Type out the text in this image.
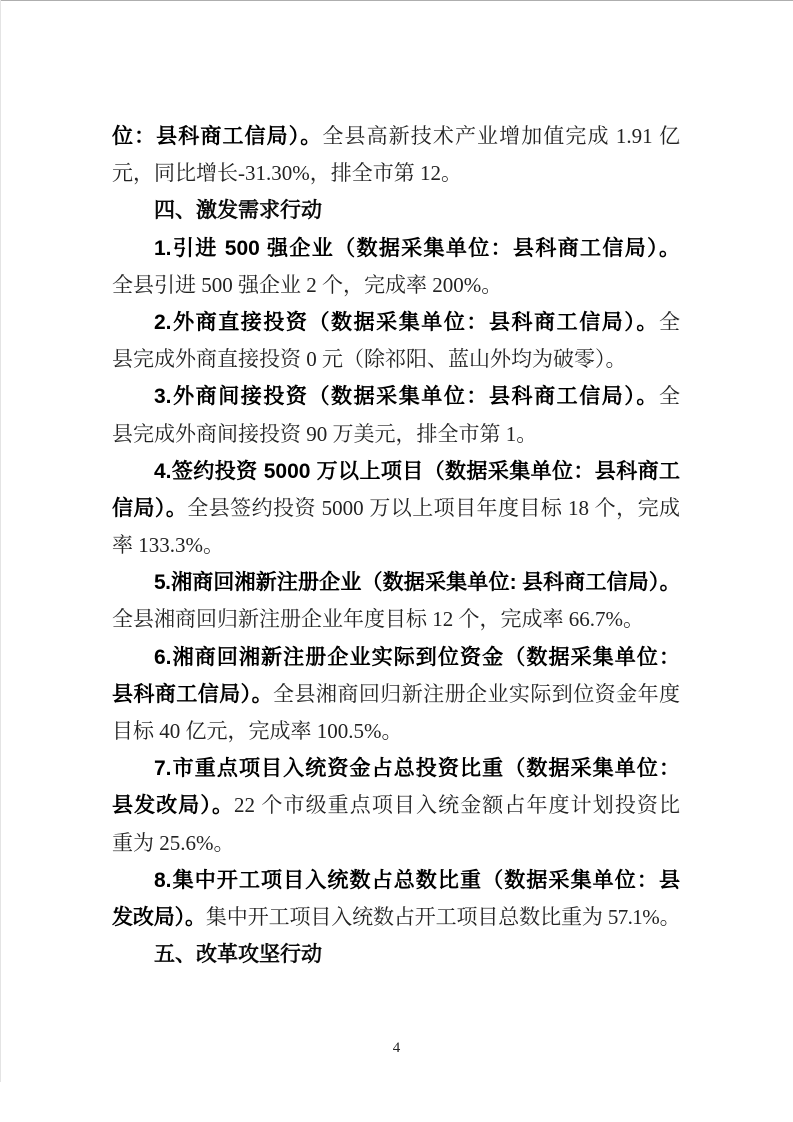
位：县科商工信局）。全县高新技术产业增加值完成 1.91 亿
元，同比增长-31.30%，排全市第 12。
四、激发需求行动
1.引进 500 强企业（数据采集单位：县科商工信局）。
全县引进 500 强企业 2 个，完成率 200%。
2.外商直接投资（数据采集单位：县科商工信局）。全
县完成外商直接投资 0 元（除祁阳、蓝山外均为破零）。
3.外商间接投资（数据采集单位：县科商工信局）。全
县完成外商间接投资 90 万美元，排全市第 1。
4.签约投资 5000 万以上项目（数据采集单位：县科商工
信局）。全县签约投资 5000 万以上项目年度目标 18 个，完成
率 133.3%。
5.湘商回湘新注册企业（数据采集单位: 县科商工信局）。
全县湘商回归新注册企业年度目标 12 个，完成率 66.7%。
6.湘商回湘新注册企业实际到位资金（数据采集单位：
县科商工信局）。全县湘商回归新注册企业实际到位资金年度
目标 40 亿元，完成率 100.5%。
7.市重点项目入统资金占总投资比重（数据采集单位：
县发改局）。22 个市级重点项目入统金额占年度计划投资比
重为 25.6%。
8.集中开工项目入统数占总数比重（数据采集单位：县
发改局）。集中开工项目入统数占开工项目总数比重为 57.1%。
五、改革攻坚行动
4
